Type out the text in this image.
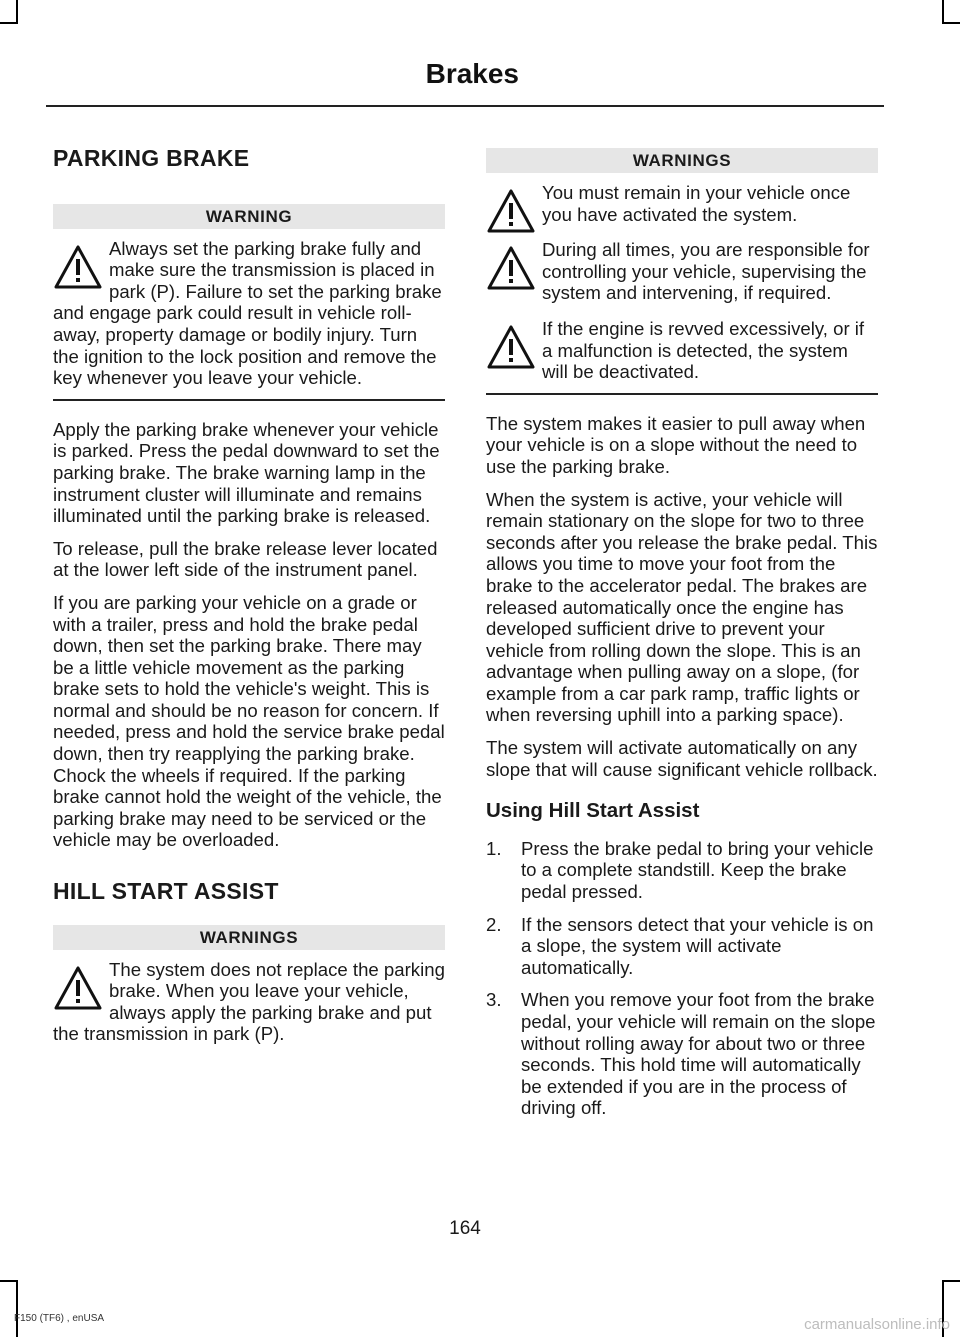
Brakes
PARKING BRAKE
WARNING

Always set the parking brake fully and make sure the transmission is placed in park (P). Failure to set the parking brake and engage park could result in vehicle roll-away, property damage or bodily injury. Turn the ignition to the lock position and remove the key whenever you leave your vehicle.

Apply the parking brake whenever your vehicle is parked. Press the pedal downward to set the parking brake. The brake warning lamp in the instrument cluster will illuminate and remains illuminated until the parking brake is released.

To release, pull the brake release lever located at the lower left side of the instrument panel.

If you are parking your vehicle on a grade or with a trailer, press and hold the brake pedal down, then set the parking brake. There may be a little vehicle movement as the parking brake sets to hold the vehicle's weight. This is normal and should be no reason for concern. If needed, press and hold the service brake pedal down, then try reapplying the parking brake. Chock the wheels if required. If the parking brake cannot hold the weight of the vehicle, the parking brake may need to be serviced or the vehicle may be overloaded.

HILL START ASSIST
WARNINGS

The system does not replace the parking brake. When you leave your vehicle, always apply the parking brake and put the transmission in park (P).

WARNINGS

You must remain in your vehicle once you have activated the system.

During all times, you are responsible for controlling your vehicle, supervising the system and intervening, if required.

If the engine is revved excessively, or if a malfunction is detected, the system will be deactivated.

The system makes it easier to pull away when your vehicle is on a slope without the need to use the parking brake.

When the system is active, your vehicle will remain stationary on the slope for two to three seconds after you release the brake pedal. This allows you time to move your foot from the brake to the accelerator pedal. The brakes are released automatically once the engine has developed sufficient drive to prevent your vehicle from rolling down the slope. This is an advantage when pulling away on a slope, (for example from a car park ramp, traffic lights or when reversing uphill into a parking space).

The system will activate automatically on any slope that will cause significant vehicle rollback.

Using Hill Start Assist
1. Press the brake pedal to bring your vehicle to a complete standstill. Keep the brake pedal pressed.
2. If the sensors detect that your vehicle is on a slope, the system will activate automatically.
3. When you remove your foot from the brake pedal, your vehicle will remain on the slope without rolling away for about two or three seconds. This hold time will automatically be extended if you are in the process of driving off.
164
F150 (TF6) , enUSA	carmanualsonline.info
